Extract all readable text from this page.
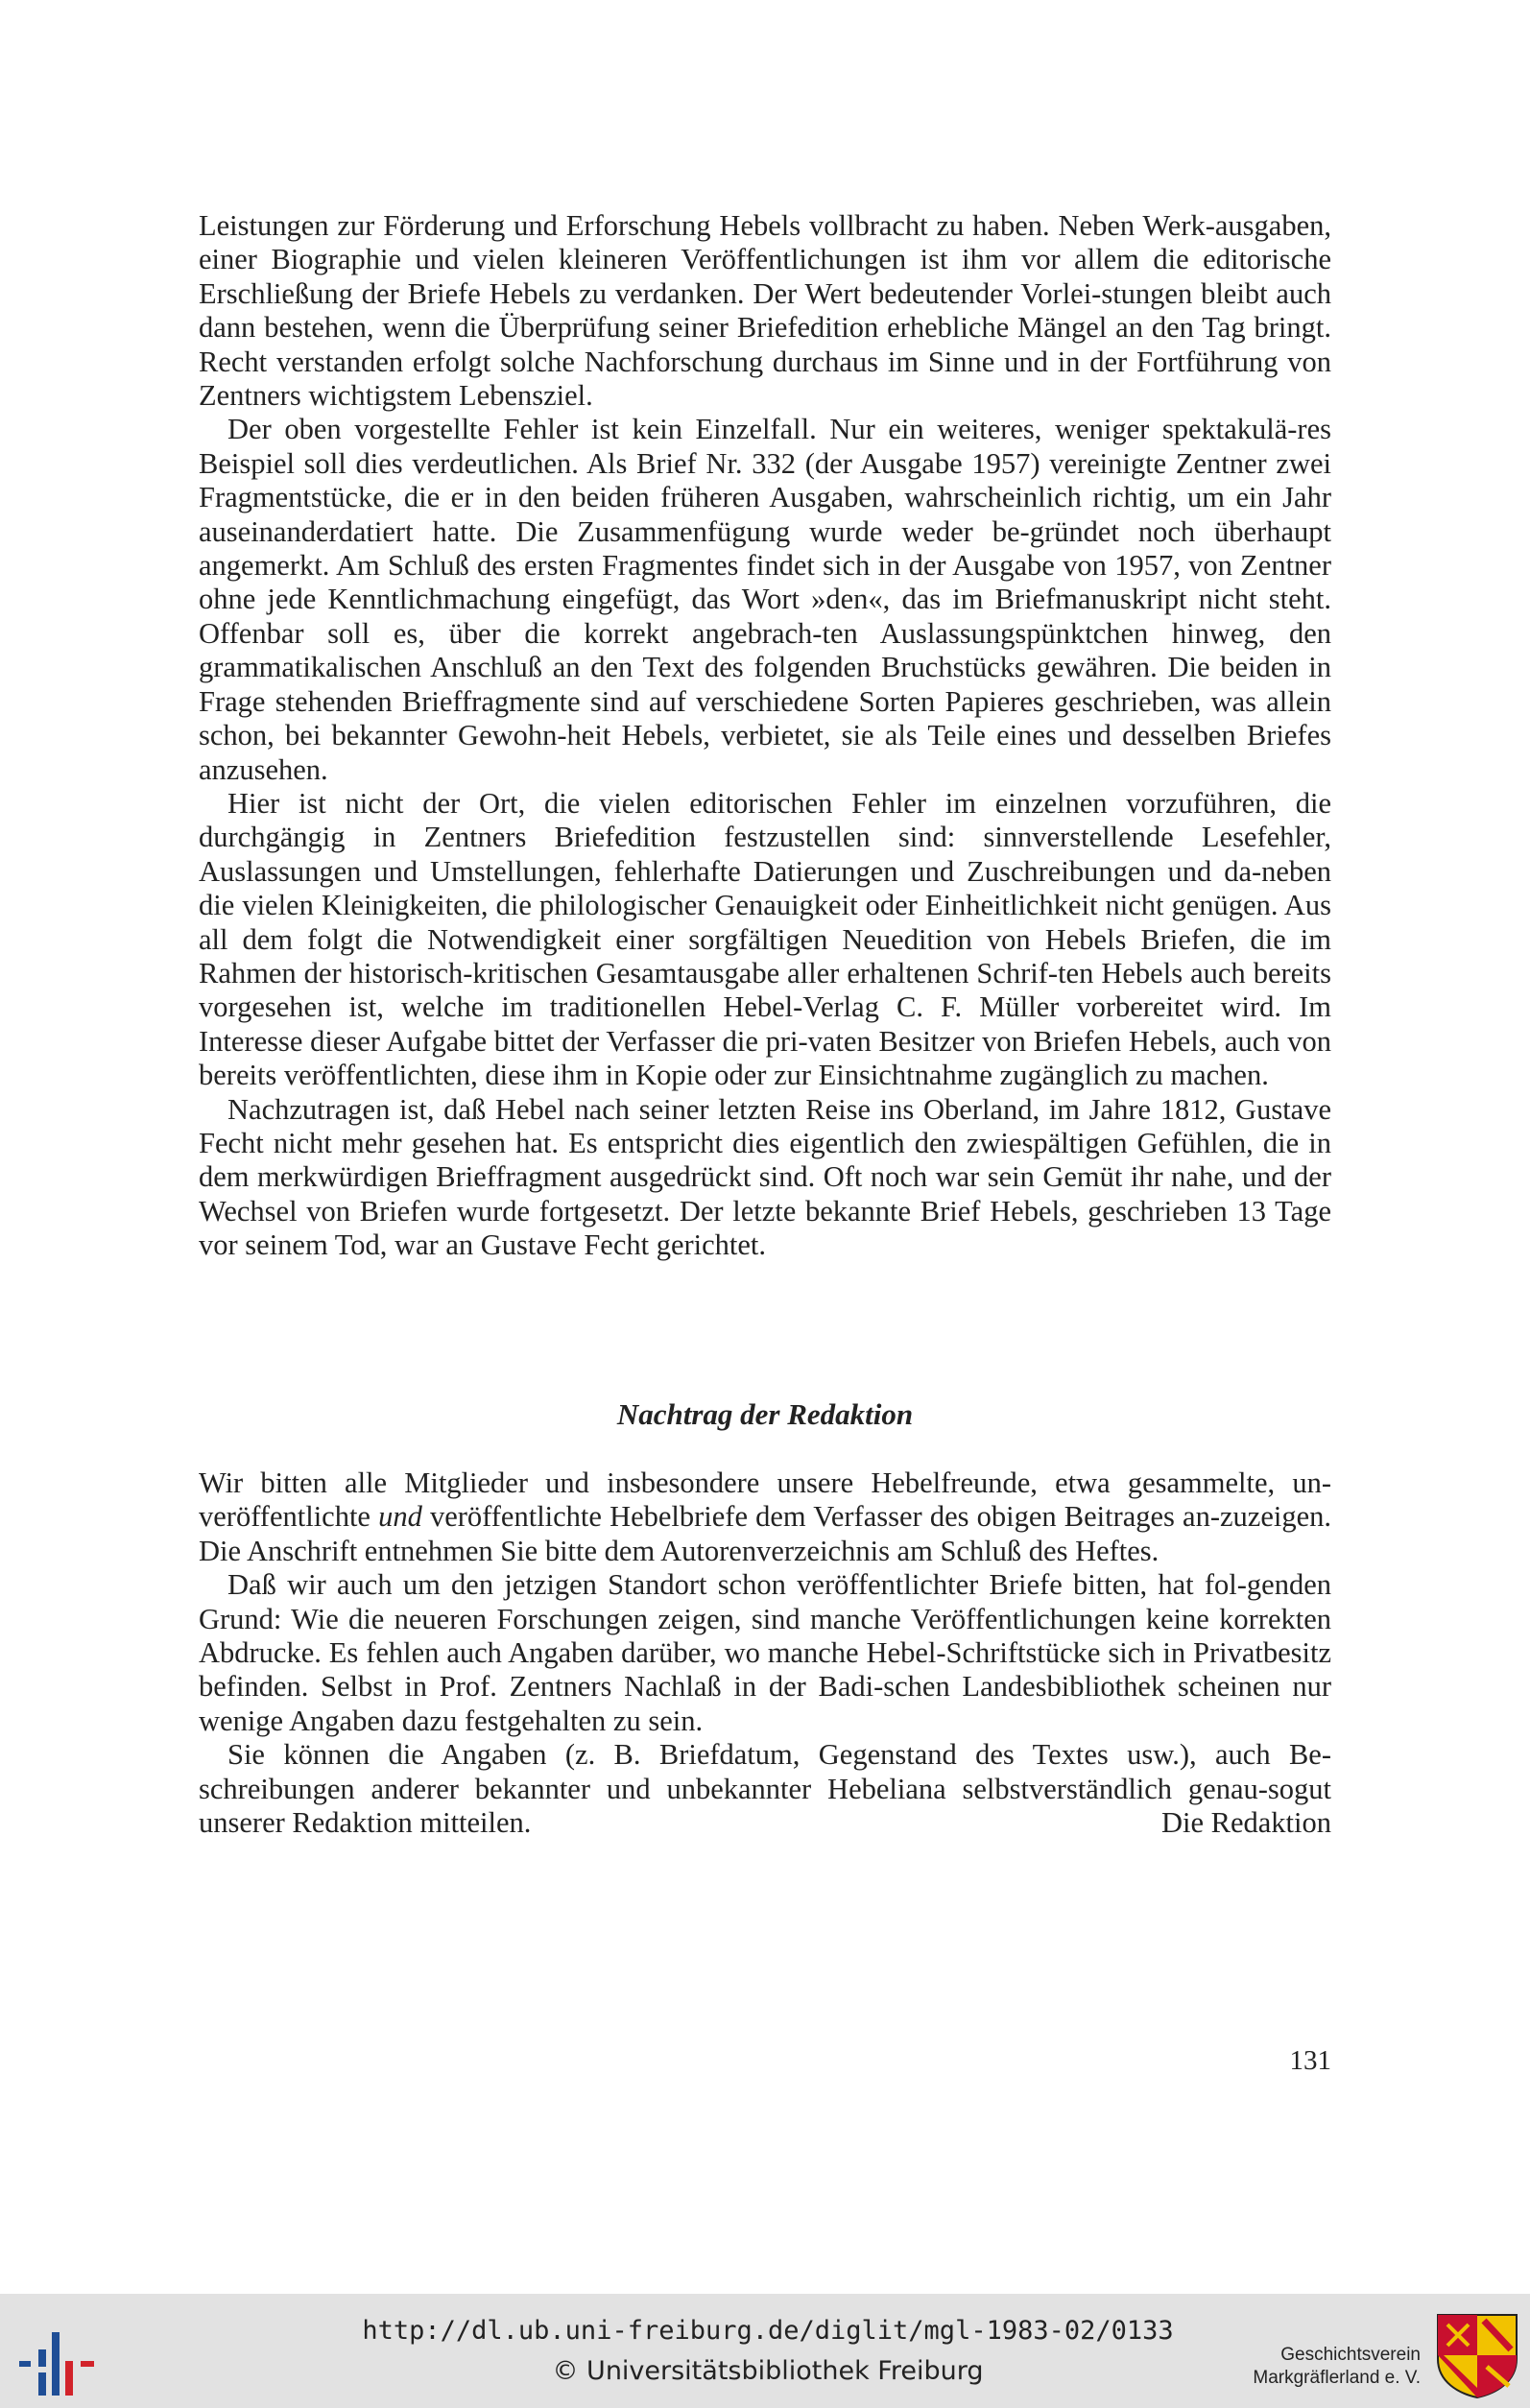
Leistungen zur Förderung und Erforschung Hebels vollbracht zu haben. Neben Werk-ausgaben, einer Biographie und vielen kleineren Veröffentlichungen ist ihm vor allem die editorische Erschließung der Briefe Hebels zu verdanken. Der Wert bedeutender Vorlei-stungen bleibt auch dann bestehen, wenn die Überprüfung seiner Briefedition erhebliche Mängel an den Tag bringt. Recht verstanden erfolgt solche Nachforschung durchaus im Sinne und in der Fortführung von Zentners wichtigstem Lebensziel.

Der oben vorgestellte Fehler ist kein Einzelfall. Nur ein weiteres, weniger spektakulä-res Beispiel soll dies verdeutlichen. Als Brief Nr. 332 (der Ausgabe 1957) vereinigte Zentner zwei Fragmentstücke, die er in den beiden früheren Ausgaben, wahrscheinlich richtig, um ein Jahr auseinanderdatiert hatte. Die Zusammenfügung wurde weder be-gründet noch überhaupt angemerkt. Am Schluß des ersten Fragmentes findet sich in der Ausgabe von 1957, von Zentner ohne jede Kenntlichmachung eingefügt, das Wort »den«, das im Briefmanuskript nicht steht. Offenbar soll es, über die korrekt angebrach-ten Auslassungspünktchen hinweg, den grammatikalischen Anschluß an den Text des folgenden Bruchstücks gewähren. Die beiden in Frage stehenden Brieffragmente sind auf verschiedene Sorten Papieres geschrieben, was allein schon, bei bekannter Gewohn-heit Hebels, verbietet, sie als Teile eines und desselben Briefes anzusehen.

Hier ist nicht der Ort, die vielen editorischen Fehler im einzelnen vorzuführen, die durchgängig in Zentners Briefedition festzustellen sind: sinnverstellende Lesefehler, Auslassungen und Umstellungen, fehlerhafte Datierungen und Zuschreibungen und da-neben die vielen Kleinigkeiten, die philologischer Genauigkeit oder Einheitlichkeit nicht genügen. Aus all dem folgt die Notwendigkeit einer sorgfältigen Neuedition von Hebels Briefen, die im Rahmen der historisch-kritischen Gesamtausgabe aller erhaltenen Schrif-ten Hebels auch bereits vorgesehen ist, welche im traditionellen Hebel-Verlag C. F. Müller vorbereitet wird. Im Interesse dieser Aufgabe bittet der Verfasser die pri-vaten Besitzer von Briefen Hebels, auch von bereits veröffentlichten, diese ihm in Kopie oder zur Einsichtnahme zugänglich zu machen.

Nachzutragen ist, daß Hebel nach seiner letzten Reise ins Oberland, im Jahre 1812, Gustave Fecht nicht mehr gesehen hat. Es entspricht dies eigentlich den zwiespältigen Gefühlen, die in dem merkwürdigen Brieffragment ausgedrückt sind. Oft noch war sein Gemüt ihr nahe, und der Wechsel von Briefen wurde fortgesetzt. Der letzte bekannte Brief Hebels, geschrieben 13 Tage vor seinem Tod, war an Gustave Fecht gerichtet.

Nachtrag der Redaktion

Wir bitten alle Mitglieder und insbesondere unsere Hebelfreunde, etwa gesammelte, un-veröffentlichte und veröffentlichte Hebelbriefe dem Verfasser des obigen Beitrages an-zuzeigen. Die Anschrift entnehmen Sie bitte dem Autorenverzeichnis am Schluß des Heftes.

Daß wir auch um den jetzigen Standort schon veröffentlichter Briefe bitten, hat fol-genden Grund: Wie die neueren Forschungen zeigen, sind manche Veröffentlichungen keine korrekten Abdrucke. Es fehlen auch Angaben darüber, wo manche Hebel-Schriftstücke sich in Privatbesitz befinden. Selbst in Prof. Zentners Nachlaß in der Badi-schen Landesbibliothek scheinen nur wenige Angaben dazu festgehalten zu sein.

Sie können die Angaben (z. B. Briefdatum, Gegenstand des Textes usw.), auch Be-schreibungen anderer bekannter und unbekannter Hebeliana selbstverständlich genau-sogut unserer Redaktion mitteilen.	Die Redaktion

131

http://dl.ub.uni-freiburg.de/diglit/mgl-1983-02/0133
© Universitätsbibliothek Freiburg
Geschichtsverein
Markgräflerland e. V.
